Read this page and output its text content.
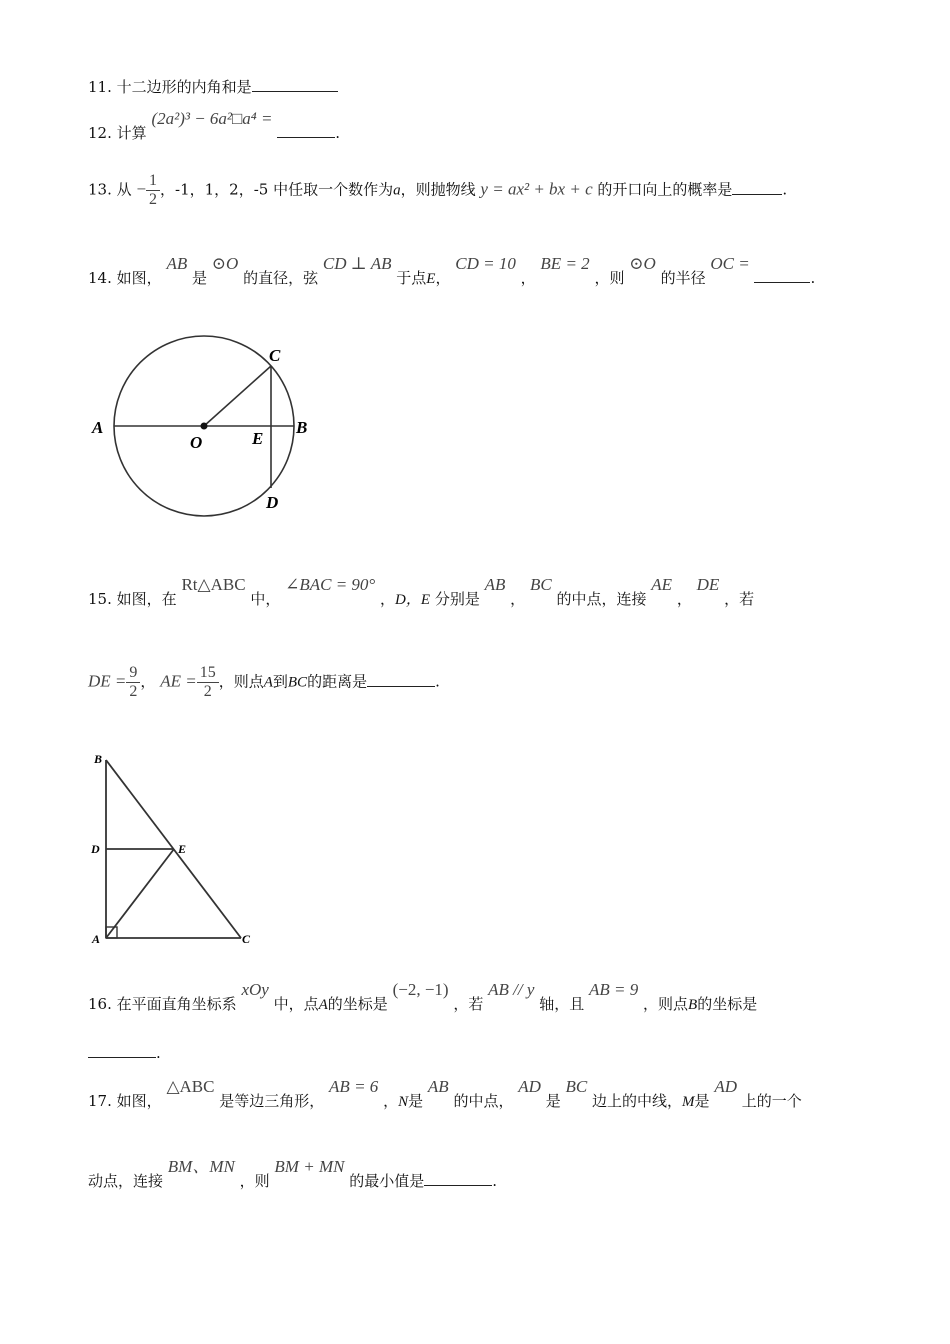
11. 十二边形的内角和是
12. 计算 (2a²)³ − 6a²□a⁴ = .
13. 从 − $\frac{1}{2}$ ，-1，1，2，-5 中任取一个数作为a，则抛物线 y = ax² + bx + c 的开口向上的概率是	.
14. 如图， AB 是 ⊙O 的直径，弦 CD ⊥ AB 于点E， CD = 10 ， BE = 2 ，则 ⊙O 的半径 OC = .
A
O	E
B
C
D
15. 如图，在 Rt△ABC 中， ∠BAC = 90° ，D，E 分别是 AB ， BC 的中点，连接 AE ， DE ，若
DE = $\frac{9}{2}$ ， AE = $\frac{15}{2}$ ，则点A到BC的距离是	.
B
D	E
A	C
16. 在平面直角坐标系 xOy 中，点A的坐标是 (−2, −1) ，若 AB // y 轴，且 AB = 9 ，则点B的坐标是
.
17. 如图， △ABC 是等边三角形， AB = 6 ，N是 AB 的中点， AD 是 BC 边上的中线，M是 AD 上的一个
动点，连接 BM、MN ，则 BM + MN 的最小值是	.
